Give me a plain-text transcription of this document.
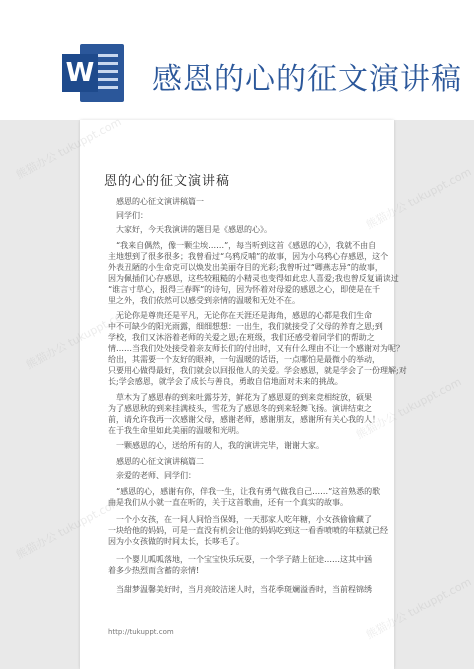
W 感恩的心的征文演讲稿
恩的心的征文演讲稿
感恩的心征文演讲稿篇一
同学们：
大家好，今天我演讲的题目是《感恩的心》。
“我来自偶然，像一颗尘埃……”，每当听到这首《感恩的心》，我就不由自
主地想到了很多很多；我曾看过“乌鸦反哺”的故事，因为小乌鸦心存感恩，这个
外表丑陋的小生命克可以焕发出美丽夺目的光彩;我曾听过“卿燕志异”的故事，
因为佩插们心存感恩，这些较粗糙的小精灵也变得如此忠人喜爱;我也曾反复诵读过
“谁言寸草心，报得三春晖”的诗句，因为怀着对母爱的感恩之心，即使是在千
里之外，我们依然可以感受到亲情的温暖和无处不在。
无论你是尊贵还是平凡，无论你在天涯还是海角，感恩的心都是我们生命
中不可缺少的阳光雨露，细细想想：一出生，我们就接受了父母的养育之恩;到
学校，我们又沐浴着老师的关爱之恩;在班级，我们还感受着同学们的帮助之
情……当我们处处接受着亲友师长们的付出时，又有什么理由不让一个感谢对为呢？
给出，其需要一个友好的眼神，一句温暖的话语，一点哪怕是最微小的举动，
只要用心做得最好，我们就会以回报他人的关爱。学会感恩，就是学会了一份理解;对
长;学会感恩，就学会了成长与善良，勇敢自信地面对未来的挑战。
草木为了感恩春的到来吐露芬芳，鲜花为了感恩夏的到来竞相绽放，硕果
为了感恩秋的到来挂满枝头，雪花为了感恩冬的到来轻舞飞扬。演讲结束之
前，请允许我再一次感谢父母，感谢老师，感谢朋友，感谢所有关心我的人！
在于我生命里如此美丽的温暖和光明。
一颗感恩的心，送给所有的人，我的演讲完毕，谢谢大家。
感恩的心征文演讲稿篇二
亲爱的老师、同学们：
“感恩的心，感谢有你，伴我一生，让我有勇气做我自己……”这首熟悉的歌
曲是我们从小就一直在听的，关于这首歌曲，还有一个真实的故事。
一个小女孩，在一间人间恰当保姆，一天那家人吃年糖，小女孩偷偷藏了
一块给他的妈妈，可是一直没有机会让他的妈妈吃到这一看香喷喷的年糕就已经
因为小女孩做的时间太长，长哆毛了。
一个婴儿呱呱落地，一个宝宝快乐玩耍，一个学子踏上征途……这其中涵
着多少热烈而含蓄的亲情!
当甜梦温馨美好时，当月亮皎洁迷人时，当花季斑斓溢香时，当前程锦绣
http://tukuppt.com
